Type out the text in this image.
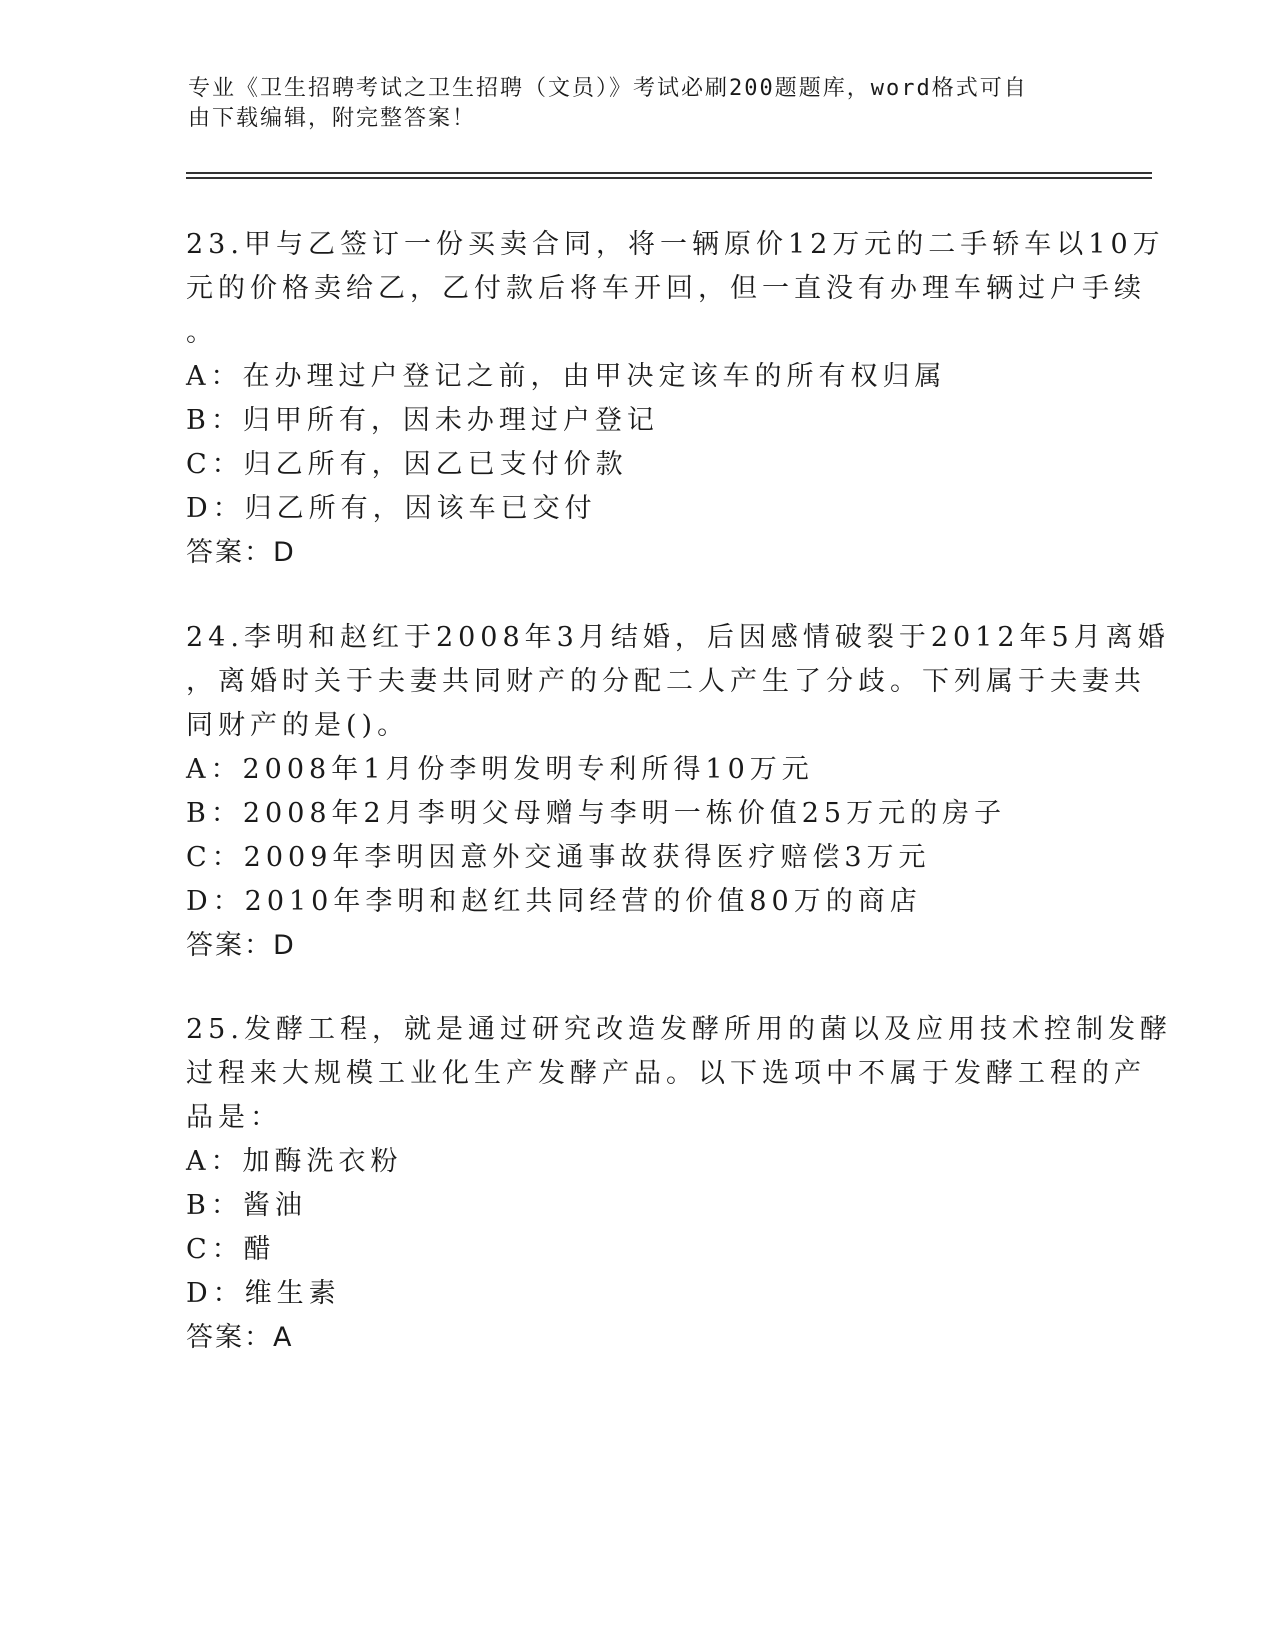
专业《卫生招聘考试之卫生招聘（文员）》考试必刷200题题库，word格式可自
由下载编辑，附完整答案！
23.甲与乙签订一份买卖合同，将一辆原价12万元的二手轿车以10万
元的价格卖给乙，乙付款后将车开回，但一直没有办理车辆过户手续
。
A：在办理过户登记之前，由甲决定该车的所有权归属
B：归甲所有，因未办理过户登记
C：归乙所有，因乙已支付价款
D：归乙所有，因该车已交付
答案：D
24.李明和赵红于2008年3月结婚，后因感情破裂于2012年5月离婚
，离婚时关于夫妻共同财产的分配二人产生了分歧。下列属于夫妻共
同财产的是()。
A：2008年1月份李明发明专利所得10万元
B：2008年2月李明父母赠与李明一栋价值25万元的房子
C：2009年李明因意外交通事故获得医疗赔偿3万元
D：2010年李明和赵红共同经营的价值80万的商店
答案：D
25.发酵工程，就是通过研究改造发酵所用的菌以及应用技术控制发酵
过程来大规模工业化生产发酵产品。以下选项中不属于发酵工程的产
品是：
A：加酶洗衣粉
B：酱油
C：醋
D：维生素
答案：A
